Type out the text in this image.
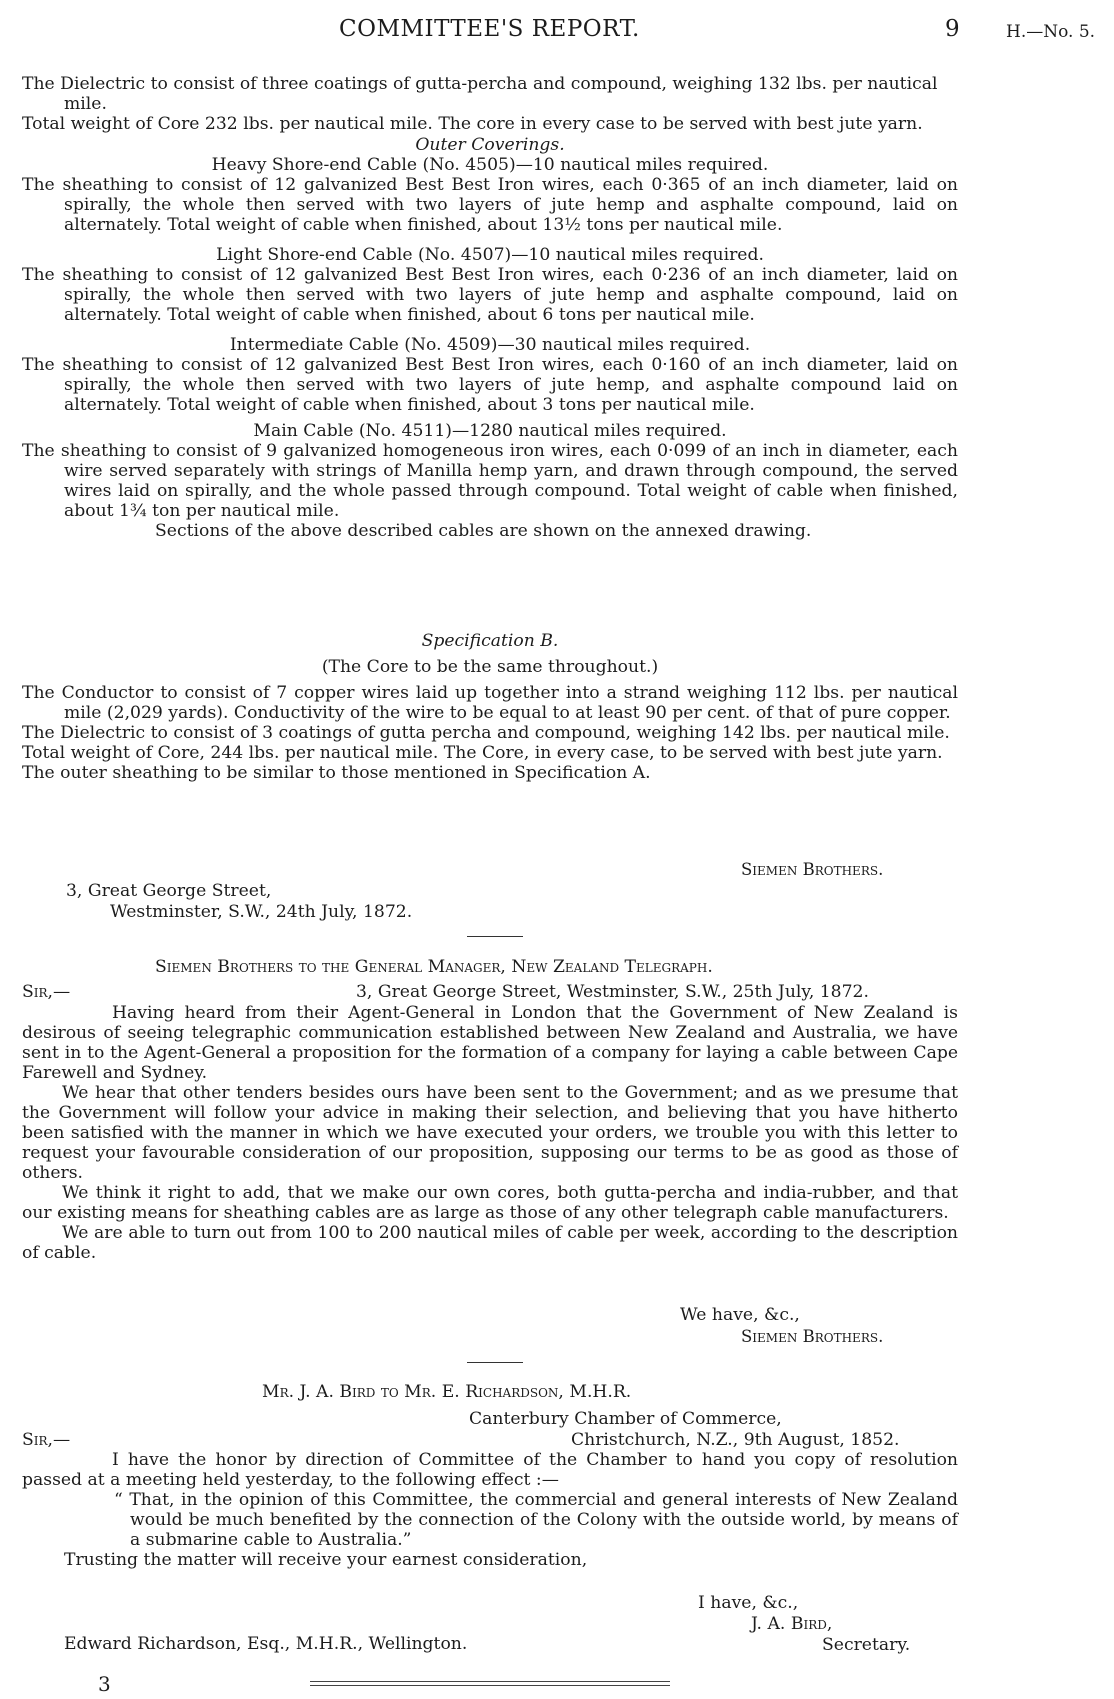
COMMITTEE'S REPORT.	9	H.—No. 5.

The Dielectric to consist of three coatings of gutta-percha and compound, weighing 132 lbs. per nautical mile.

Total weight of Core 232 lbs. per nautical mile. The core in every case to be served with best jute yarn.

Outer Coverings.

Heavy Shore-end Cable (No. 4505)—10 nautical miles required.

The sheathing to consist of 12 galvanized Best Best Iron wires, each 0·365 of an inch diameter, laid on spirally, the whole then served with two layers of jute hemp and asphalte compound, laid on alternately. Total weight of cable when finished, about 13½ tons per nautical mile.

Light Shore-end Cable (No. 4507)—10 nautical miles required.

The sheathing to consist of 12 galvanized Best Best Iron wires, each 0·236 of an inch diameter, laid on spirally, the whole then served with two layers of jute hemp and asphalte compound, laid on alternately. Total weight of cable when finished, about 6 tons per nautical mile.

Intermediate Cable (No. 4509)—30 nautical miles required.

The sheathing to consist of 12 galvanized Best Best Iron wires, each 0·160 of an inch diameter, laid on spirally, the whole then served with two layers of jute hemp, and asphalte compound laid on alternately. Total weight of cable when finished, about 3 tons per nautical mile.

Main Cable (No. 4511)—1280 nautical miles required.

The sheathing to consist of 9 galvanized homogeneous iron wires, each 0·099 of an inch in diameter, each wire served separately with strings of Manilla hemp yarn, and drawn through compound, the served wires laid on spirally, and the whole passed through compound. Total weight of cable when finished, about 1¾ ton per nautical mile.

Sections of the above described cables are shown on the annexed drawing.

Specification B.

(The Core to be the same throughout.)

The Conductor to consist of 7 copper wires laid up together into a strand weighing 112 lbs. per nautical mile (2,029 yards). Conductivity of the wire to be equal to at least 90 per cent. of that of pure copper.

The Dielectric to consist of 3 coatings of gutta percha and compound, weighing 142 lbs. per nautical mile.

Total weight of Core, 244 lbs. per nautical mile. The Core, in every case, to be served with best jute yarn.

The outer sheathing to be similar to those mentioned in Specification A.

Siemen Brothers.
3, Great George Street,
Westminster, S.W., 24th July, 1872.
Siemen Brothers to the General Manager, New Zealand Telegraph.
Sir,—	3, Great George Street, Westminster, S.W., 25th July, 1872.

Having heard from their Agent-General in London that the Government of New Zealand is desirous of seeing telegraphic communication established between New Zealand and Australia, we have sent in to the Agent-General a proposition for the formation of a company for laying a cable between Cape Farewell and Sydney.

We hear that other tenders besides ours have been sent to the Government; and as we presume that the Government will follow your advice in making their selection, and believing that you have hitherto been satisfied with the manner in which we have executed your orders, we trouble you with this letter to request your favourable consideration of our proposition, supposing our terms to be as good as those of others.

We think it right to add, that we make our own cores, both gutta-percha and india-rubber, and that our existing means for sheathing cables are as large as those of any other telegraph cable manufacturers.

We are able to turn out from 100 to 200 nautical miles of cable per week, according to the description of cable.

We have, &c.,
Siemen Brothers.
Mr. J. A. Bird to Mr. E. Richardson, M.H.R.
Canterbury Chamber of Commerce,
Sir,—	Christchurch, N.Z., 9th August, 1852.

I have the honor by direction of Committee of the Chamber to hand you copy of resolution passed at a meeting held yesterday, to the following effect :—

“ That, in the opinion of this Committee, the commercial and general interests of New Zealand would be much benefited by the connection of the Colony with the outside world, by means of a submarine cable to Australia.”

Trusting the matter will receive your earnest consideration,

I have, &c.,
J. A. Bird,
Edward Richardson, Esq., M.H.R., Wellington.	Secretary.
3
